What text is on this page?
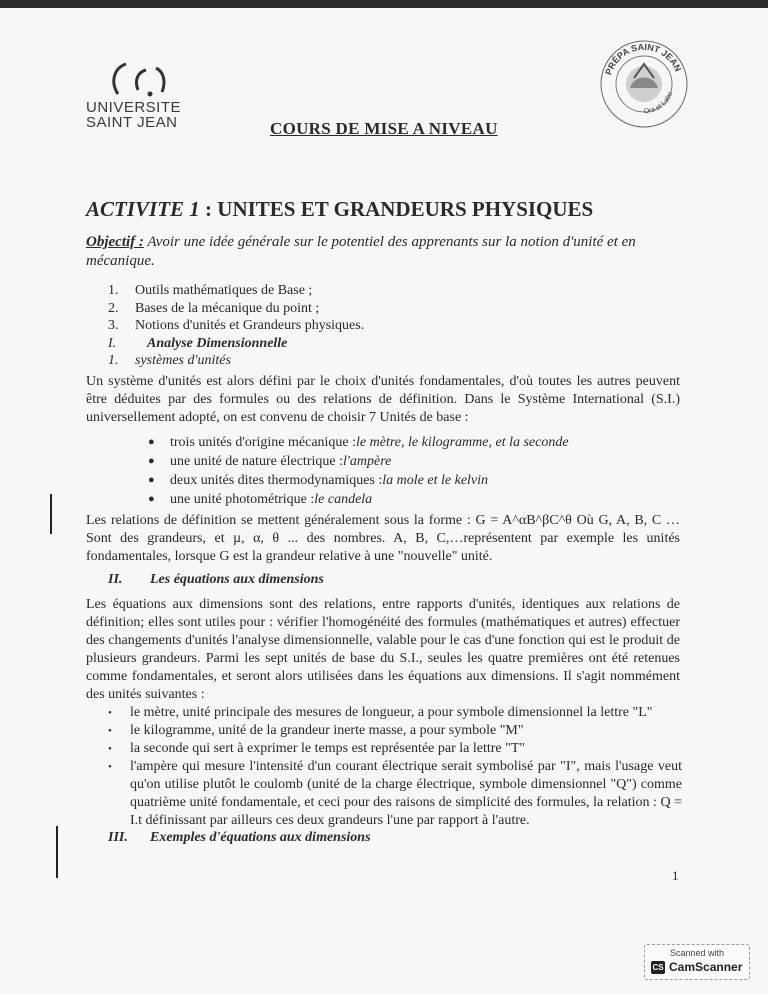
UNIVERSITE
SAINT JEAN
PRÉPA SAINT JEAN
Ora et Labo
COURS DE MISE A NIVEAU
ACTIVITE 1 : UNITES ET GRANDEURS PHYSIQUES
Objectif : Avoir une idée générale sur le potentiel des apprenants sur la notion d'unité et en mécanique.
1.	Outils mathématiques de Base ;
2.	Bases de la mécanique du point ;
3.	Notions d'unités et Grandeurs physiques.
I.	Analyse Dimensionnelle
1.	systèmes d'unités
Un système d'unités est alors défini par le choix d'unités fondamentales, d'où toutes les autres peuvent être déduites par des formules ou des relations de définition. Dans le Système International (S.I.) universellement adopté, on est convenu de choisir 7 Unités de base :
●	trois unités d'origine mécanique : le mètre, le kilogramme, et la seconde
●	une unité de nature électrique : l'ampère
●	deux unités dites thermodynamiques : la mole et le kelvin
●	une unité photométrique : le candela
Les relations de définition se mettent généralement sous la forme : G = A^αB^βC^θ Où G, A, B, C … Sont des grandeurs, et µ, α, θ ... des nombres. A, B, C,…représentent par exemple les unités fondamentales, lorsque G est la grandeur relative à une "nouvelle" unité.
II. Les équations aux dimensions
Les équations aux dimensions sont des relations, entre rapports d'unités, identiques aux relations de définition; elles sont utiles pour : vérifier l'homogénéité des formules (mathématiques et autres) effectuer des changements d'unités l'analyse dimensionnelle, valable pour le cas d'une fonction qui est le produit de plusieurs grandeurs. Parmi les sept unités de base du S.I., seules les quatre premières ont été retenues comme fondamentales, et seront alors utilisées dans les équations aux dimensions. Il s'agit nommément des unités suivantes :
•	le mètre, unité principale des mesures de longueur, a pour symbole dimensionnel la lettre "L"
•	le kilogramme, unité de la grandeur inerte masse, a pour symbole "M"
•	la seconde qui sert à exprimer le temps est représentée par la lettre "T"
•	l'ampère qui mesure l'intensité d'un courant électrique serait symbolisé par "I", mais l'usage veut qu'on utilise plutôt le coulomb (unité de la charge électrique, symbole dimensionnel "Q") comme quatrième unité fondamentale, et ceci pour des raisons de simplicité des formules, la relation : Q = I.t définissant par ailleurs ces deux grandeurs l'une par rapport à l'autre.
III. Exemples d'équations aux dimensions
1
Scanned with
CS CamScanner
